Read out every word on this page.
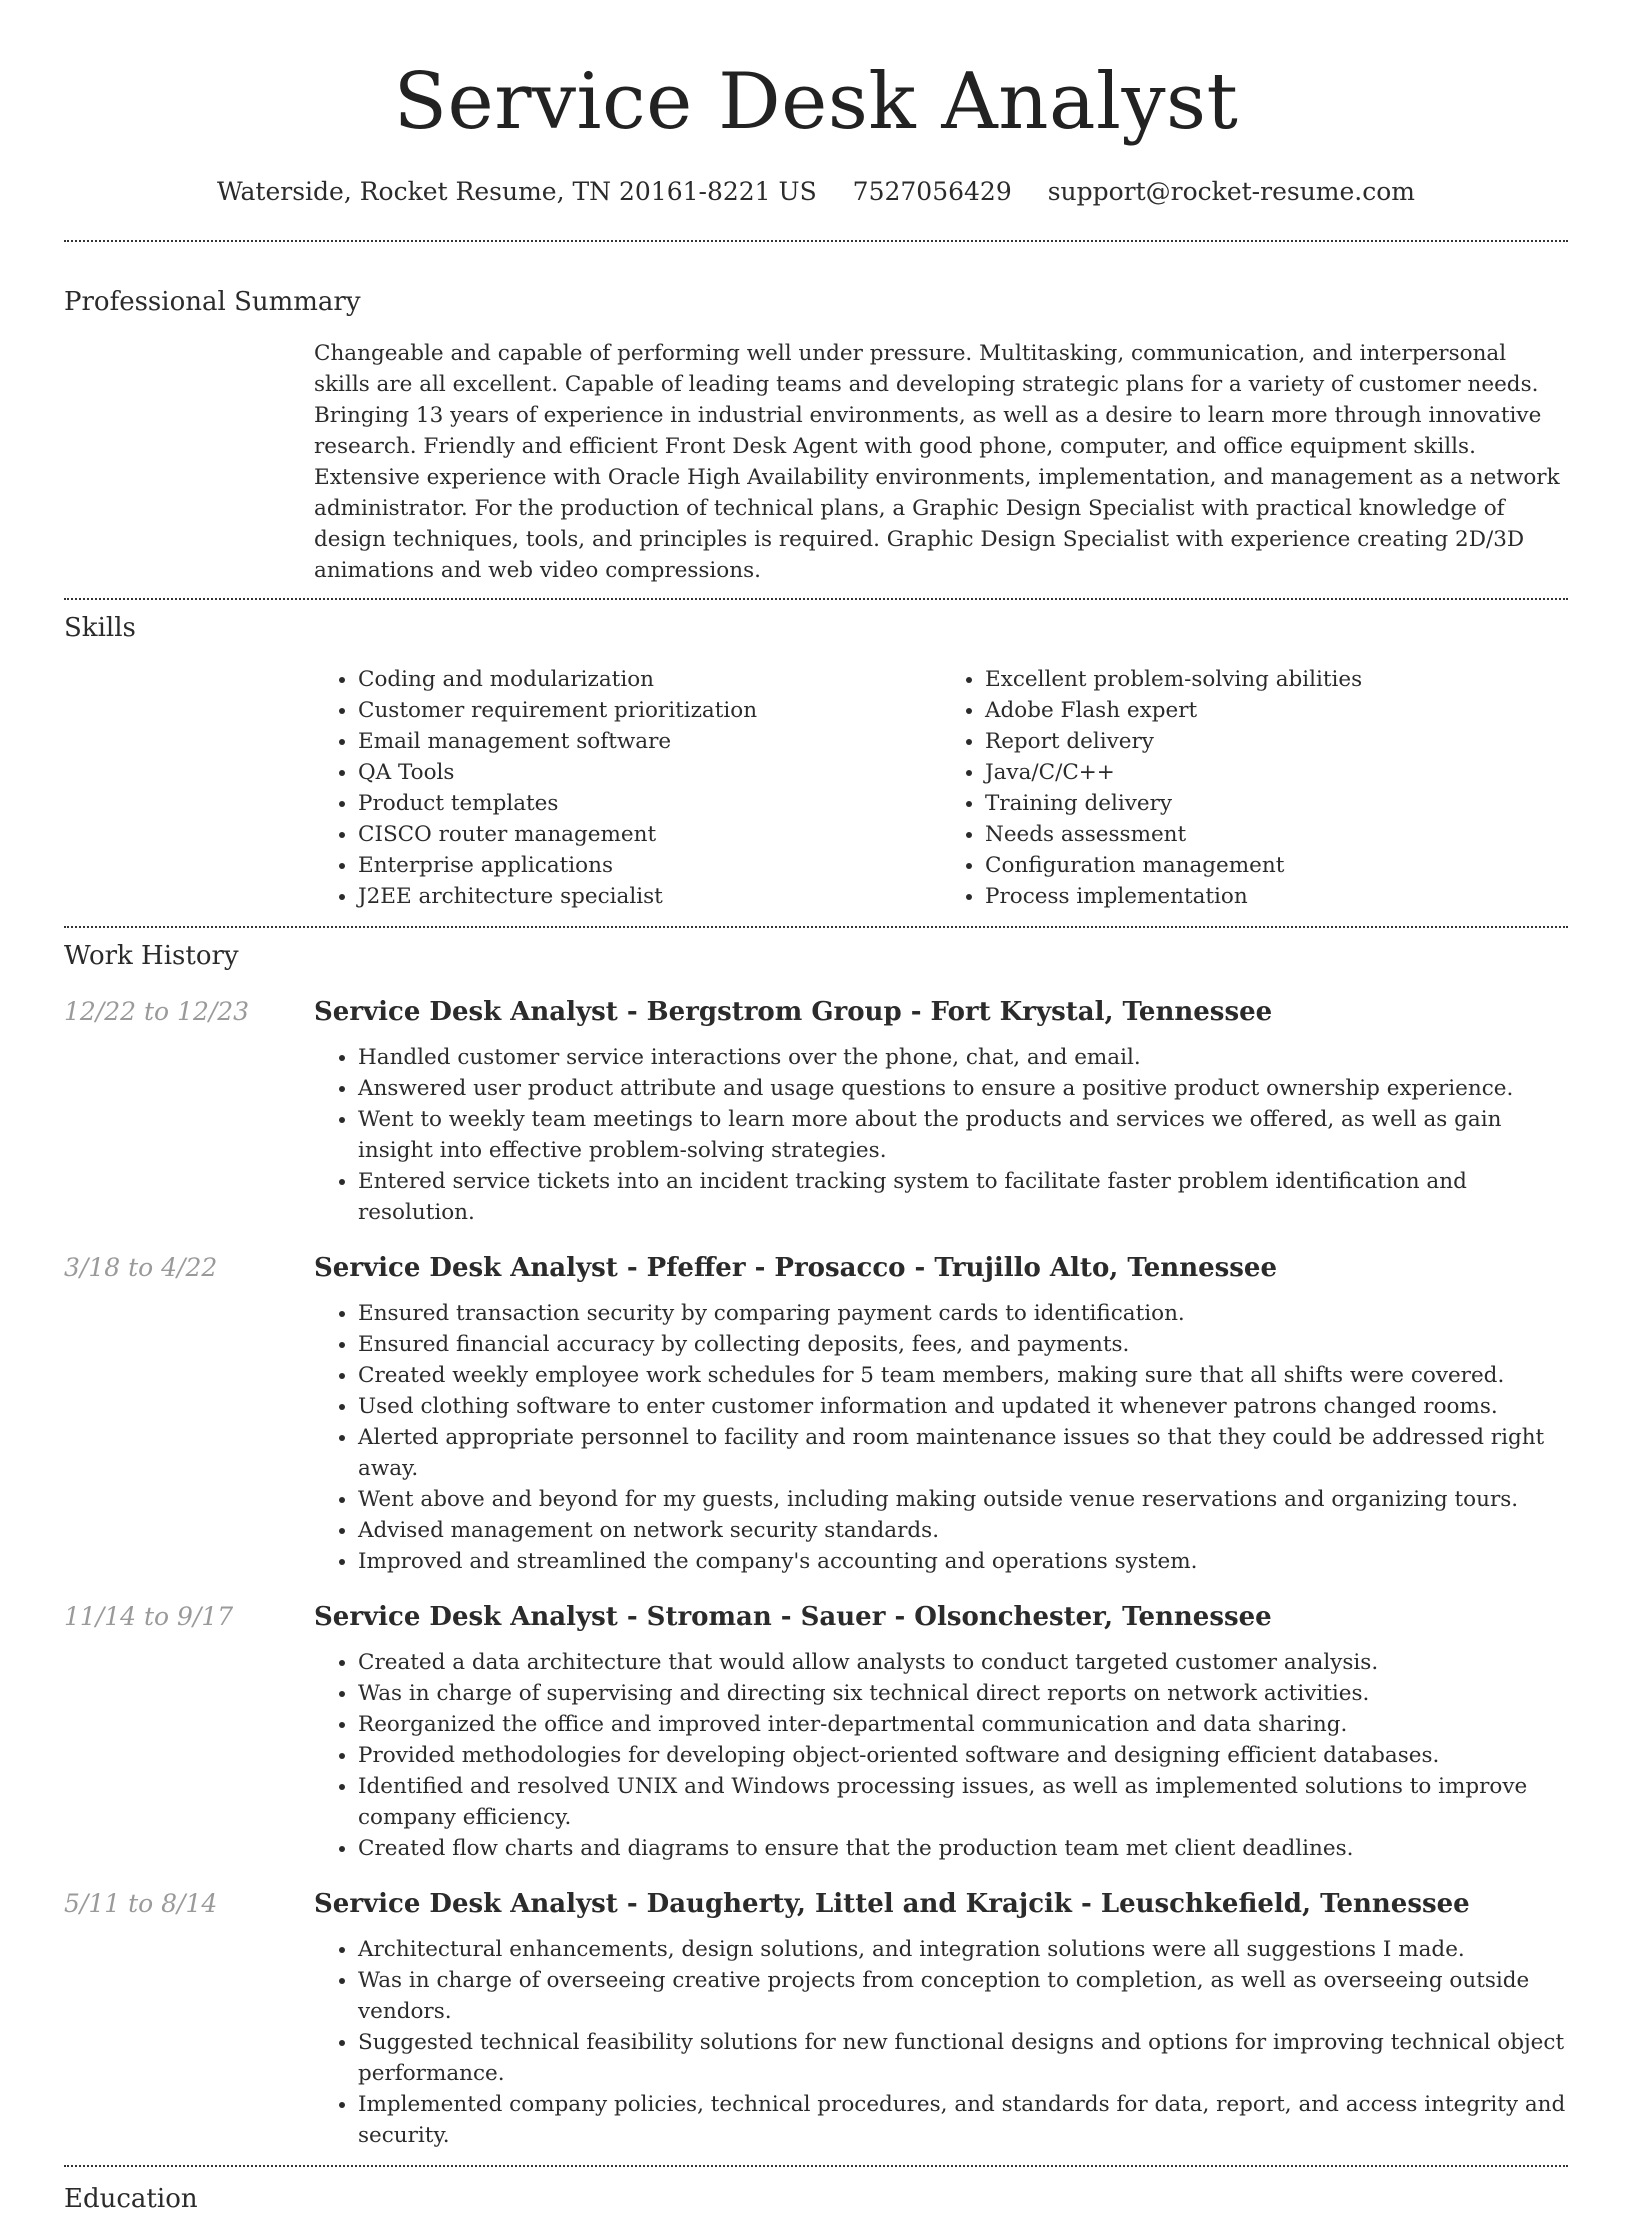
Service Desk Analyst
Waterside, Rocket Resume, TN 20161-8221 US 7527056429 support@rocket-resume.com
Professional Summary

Changeable and capable of performing well under pressure. Multitasking, communication, and interpersonal skills are all excellent. Capable of leading teams and developing strategic plans for a variety of customer needs. Bringing 13 years of experience in industrial environments, as well as a desire to learn more through innovative research. Friendly and efficient Front Desk Agent with good phone, computer, and office equipment skills. Extensive experience with Oracle High Availability environments, implementation, and management as a network administrator. For the production of technical plans, a Graphic Design Specialist with practical knowledge of design techniques, tools, and principles is required. Graphic Design Specialist with experience creating 2D/3D animations and web video compressions.

Skills
• Coding and modularization
• Customer requirement prioritization
• Email management software
• QA Tools
• Product templates
• CISCO router management
• Enterprise applications
• J2EE architecture specialist
• Excellent problem-solving abilities
• Adobe Flash expert
• Report delivery
• Java/C/C++
• Training delivery
• Needs assessment
• Configuration management
• Process implementation
Work History
12/22 to 12/23 Service Desk Analyst - Bergstrom Group - Fort Krystal, Tennessee
• Handled customer service interactions over the phone, chat, and email.
• Answered user product attribute and usage questions to ensure a positive product ownership experience.
• Went to weekly team meetings to learn more about the products and services we offered, as well as gain insight into effective problem-solving strategies.
• Entered service tickets into an incident tracking system to facilitate faster problem identification and resolution.
3/18 to 4/22	Service Desk Analyst - Pfeffer - Prosacco - Trujillo Alto, Tennessee
• Ensured transaction security by comparing payment cards to identification.
• Ensured financial accuracy by collecting deposits, fees, and payments.
• Created weekly employee work schedules for 5 team members, making sure that all shifts were covered.
• Used clothing software to enter customer information and updated it whenever patrons changed rooms.
• Alerted appropriate personnel to facility and room maintenance issues so that they could be addressed right away.
• Went above and beyond for my guests, including making outside venue reservations and organizing tours.
• Advised management on network security standards.
• Improved and streamlined the company's accounting and operations system.
11/14 to 9/17	Service Desk Analyst - Stroman - Sauer - Olsonchester, Tennessee
• Created a data architecture that would allow analysts to conduct targeted customer analysis.
• Was in charge of supervising and directing six technical direct reports on network activities.
• Reorganized the office and improved inter-departmental communication and data sharing.
• Provided methodologies for developing object-oriented software and designing efficient databases.
• Identified and resolved UNIX and Windows processing issues, as well as implemented solutions to improve company efficiency.
• Created flow charts and diagrams to ensure that the production team met client deadlines.
5/11 to 8/14	Service Desk Analyst - Daugherty, Littel and Krajcik - Leuschkefield, Tennessee
• Architectural enhancements, design solutions, and integration solutions were all suggestions I made.
• Was in charge of overseeing creative projects from conception to completion, as well as overseeing outside vendors.
• Suggested technical feasibility solutions for new functional designs and options for improving technical object performance.
• Implemented company policies, technical procedures, and standards for data, report, and access integrity and security.
Education
